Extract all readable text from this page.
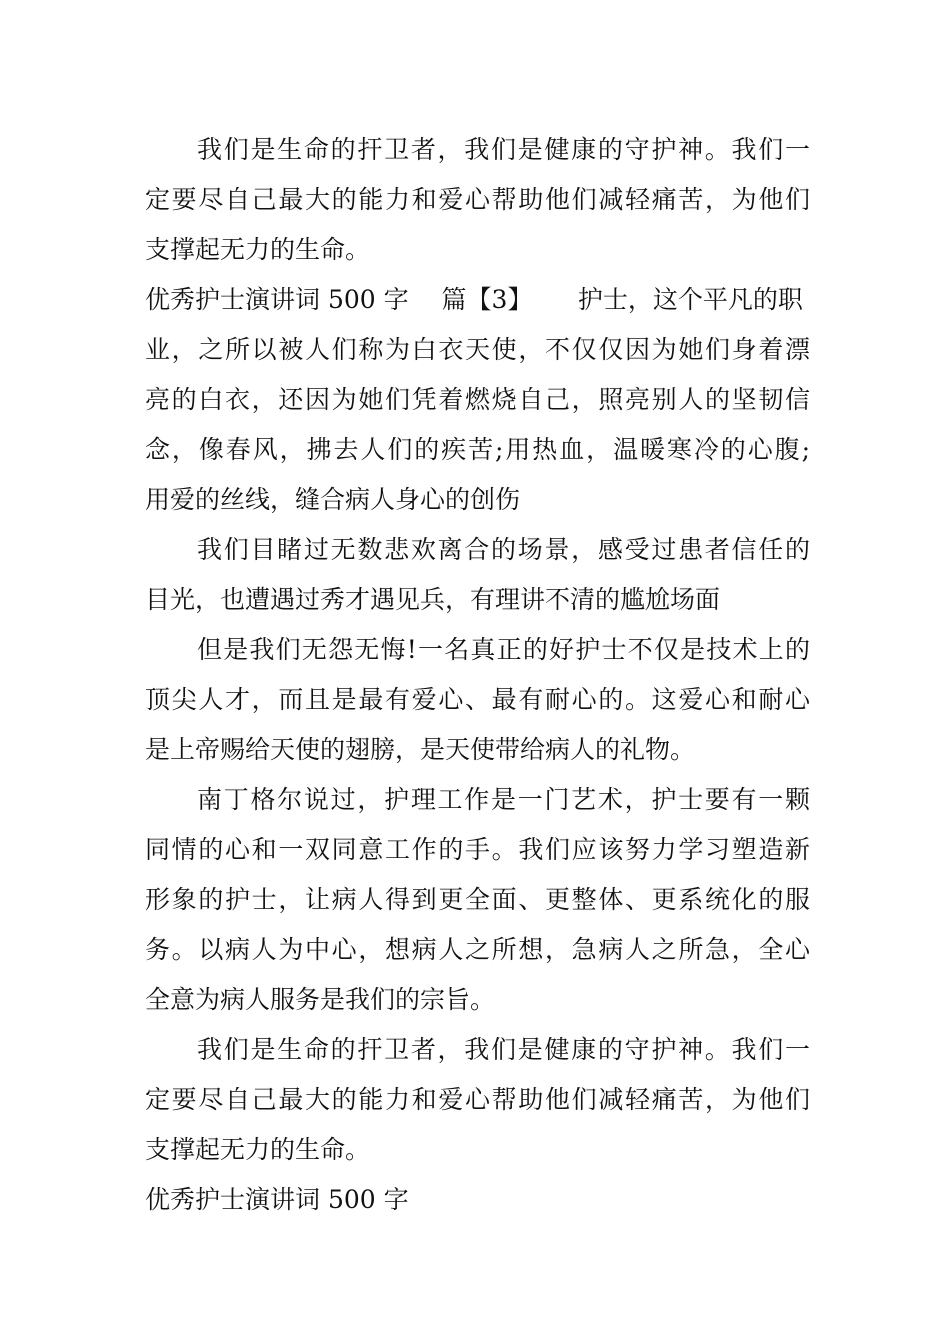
我们是生命的扞卫者，我们是健康的守护神。我们一
定要尽自己最大的能力和爱心帮助他们减轻痛苦，为他们
支撑起无力的生命。
优秀护士演讲词 500 字　 篇【3】　　 护士，这个平凡的职
业，之所以被人们称为白衣天使，不仅仅因为她们身着漂
亮的白衣，还因为她们凭着燃烧自己，照亮别人的坚韧信
念，像春风，拂去人们的疾苦;用热血，温暖寒冷的心腹;
用爱的丝线，缝合病人身心的创伤
我们目睹过无数悲欢离合的场景，感受过患者信任的
目光，也遭遇过秀才遇见兵，有理讲不清的尴尬场面
但是我们无怨无悔!一名真正的好护士不仅是技术上的
顶尖人才，而且是最有爱心、最有耐心的。这爱心和耐心
是上帝赐给天使的翅膀，是天使带给病人的礼物。
南丁格尔说过，护理工作是一门艺术，护士要有一颗
同情的心和一双同意工作的手。我们应该努力学习塑造新
形象的护士，让病人得到更全面、更整体、更系统化的服
务。以病人为中心，想病人之所想，急病人之所急，全心
全意为病人服务是我们的宗旨。
我们是生命的扞卫者，我们是健康的守护神。我们一
定要尽自己最大的能力和爱心帮助他们减轻痛苦，为他们
支撑起无力的生命。
优秀护士演讲词 500 字
